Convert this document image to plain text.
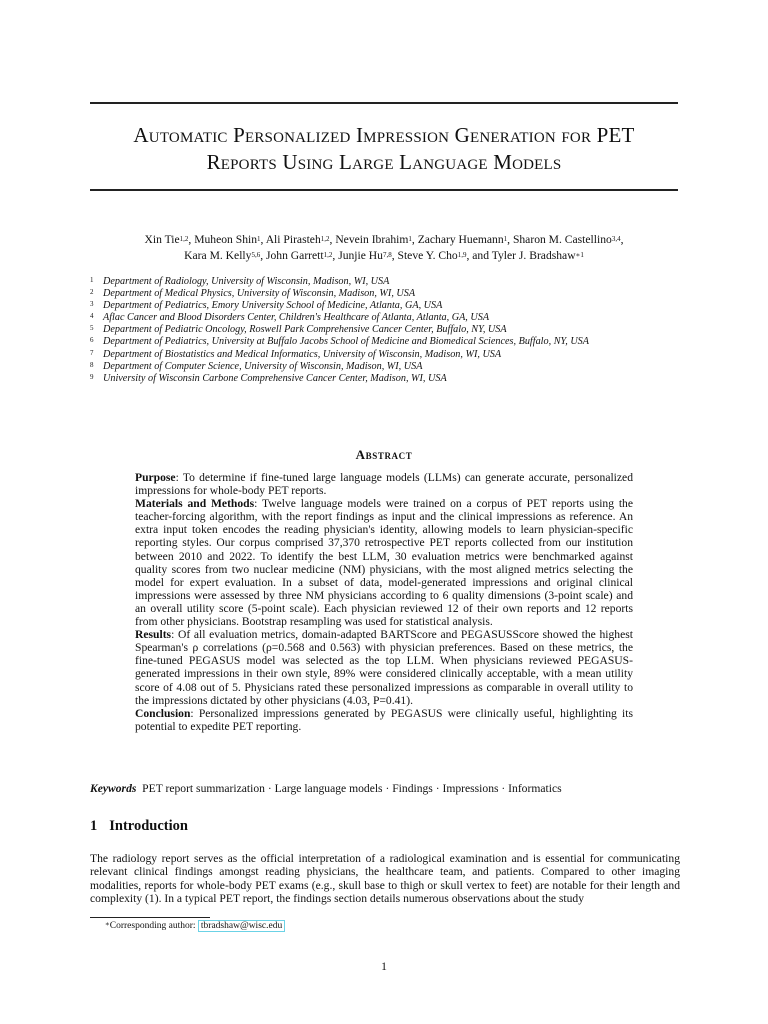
Automatic Personalized Impression Generation for PET
Reports Using Large Language Models
Xin Tie$^{1,2}$, Muheon Shin$^1$, Ali Pirasteh$^{1,2}$, Nevein Ibrahim$^1$, Zachary Huemann$^1$, Sharon M. Castellino$^{3,4}$,
Kara M. Kelly$^{5,6}$, John Garrett$^{1,2}$, Junjie Hu$^{7,8}$, Steve Y. Cho$^{1,9}$, and Tyler J. Bradshaw$^{∗1}$
1 Department of Radiology, University of Wisconsin, Madison, WI, USA
2 Department of Medical Physics, University of Wisconsin, Madison, WI, USA
3 Department of Pediatrics, Emory University School of Medicine, Atlanta, GA, USA
4 Aflac Cancer and Blood Disorders Center, Children's Healthcare of Atlanta, Atlanta, GA, USA
5 Department of Pediatric Oncology, Roswell Park Comprehensive Cancer Center, Buffalo, NY, USA
6 Department of Pediatrics, University at Buffalo Jacobs School of Medicine and Biomedical Sciences, Buffalo, NY, USA
7 Department of Biostatistics and Medical Informatics, University of Wisconsin, Madison, WI, USA
8 Department of Computer Science, University of Wisconsin, Madison, WI, USA
9 University of Wisconsin Carbone Comprehensive Cancer Center, Madison, WI, USA
Abstract

Purpose: To determine if fine-tuned large language models (LLMs) can generate accurate, personalized impressions for whole-body PET reports.

Materials and Methods: Twelve language models were trained on a corpus of PET reports using the teacher-forcing algorithm, with the report findings as input and the clinical impressions as reference. An extra input token encodes the reading physician's identity, allowing models to learn physician-specific reporting styles. Our corpus comprised 37,370 retrospective PET reports collected from our institution between 2010 and 2022. To identify the best LLM, 30 evaluation metrics were benchmarked against quality scores from two nuclear medicine (NM) physicians, with the most aligned metrics selecting the model for expert evaluation. In a subset of data, model-generated impressions and original clinical impressions were assessed by three NM physicians according to 6 quality dimensions (3-point scale) and an overall utility score (5-point scale). Each physician reviewed 12 of their own reports and 12 reports from other physicians. Bootstrap resampling was used for statistical analysis.

Results: Of all evaluation metrics, domain-adapted BARTScore and PEGASUSScore showed the highest Spearman's ρ correlations (ρ=0.568 and 0.563) with physician preferences. Based on these metrics, the fine-tuned PEGASUS model was selected as the top LLM. When physicians reviewed PEGASUS-generated impressions in their own style, 89% were considered clinically acceptable, with a mean utility score of 4.08 out of 5. Physicians rated these personalized impressions as comparable in overall utility to the impressions dictated by other physicians (4.03, P=0.41).

Conclusion: Personalized impressions generated by PEGASUS were clinically useful, highlighting its potential to expedite PET reporting.

Keywords PET report summarization · Large language models · Findings · Impressions · Informatics
1 Introduction
The radiology report serves as the official interpretation of a radiological examination and is essential for communicating relevant clinical findings amongst reading physicians, the healthcare team, and patients. Compared to other imaging modalities, reports for whole-body PET exams (e.g., skull base to thigh or skull vertex to feet) are notable for their length and complexity (1). In a typical PET report, the findings section details numerous observations about the study
∗Corresponding author: tbradshaw@wisc.edu
1
